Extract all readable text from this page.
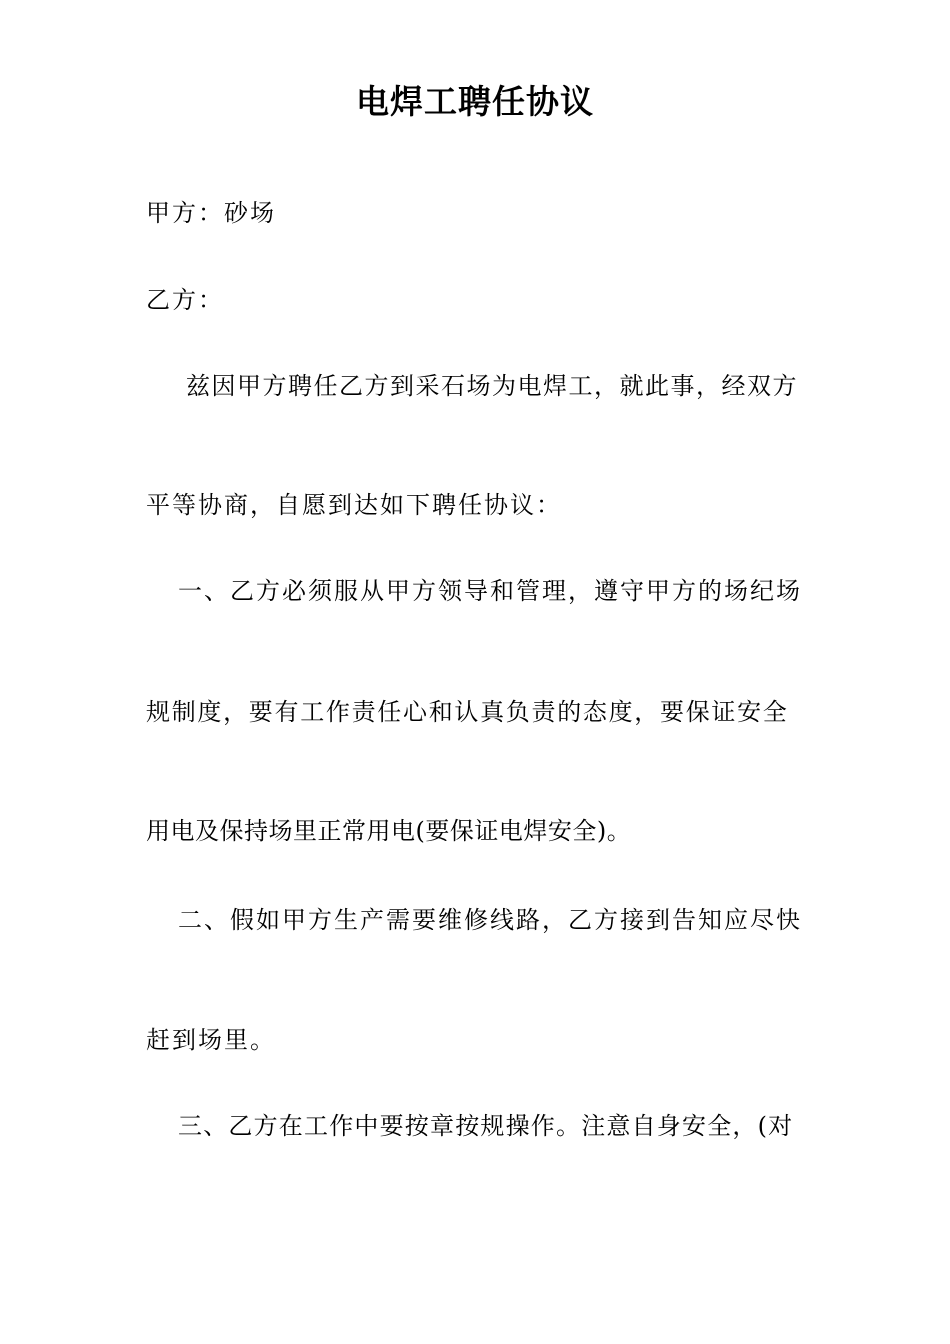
电焊工聘任协议
甲方：砂场
乙方：
兹因甲方聘任乙方到采石场为电焊工，就此事，经双方
平等协商，自愿到达如下聘任协议：
一、乙方必须服从甲方领导和管理，遵守甲方的场纪场
规制度，要有工作责任心和认真负责的态度，要保证安全
用电及保持场里正常用电(要保证电焊安全)。
二、假如甲方生产需要维修线路，乙方接到告知应尽快
赶到场里。
三、乙方在工作中要按章按规操作。注意自身安全，(对
